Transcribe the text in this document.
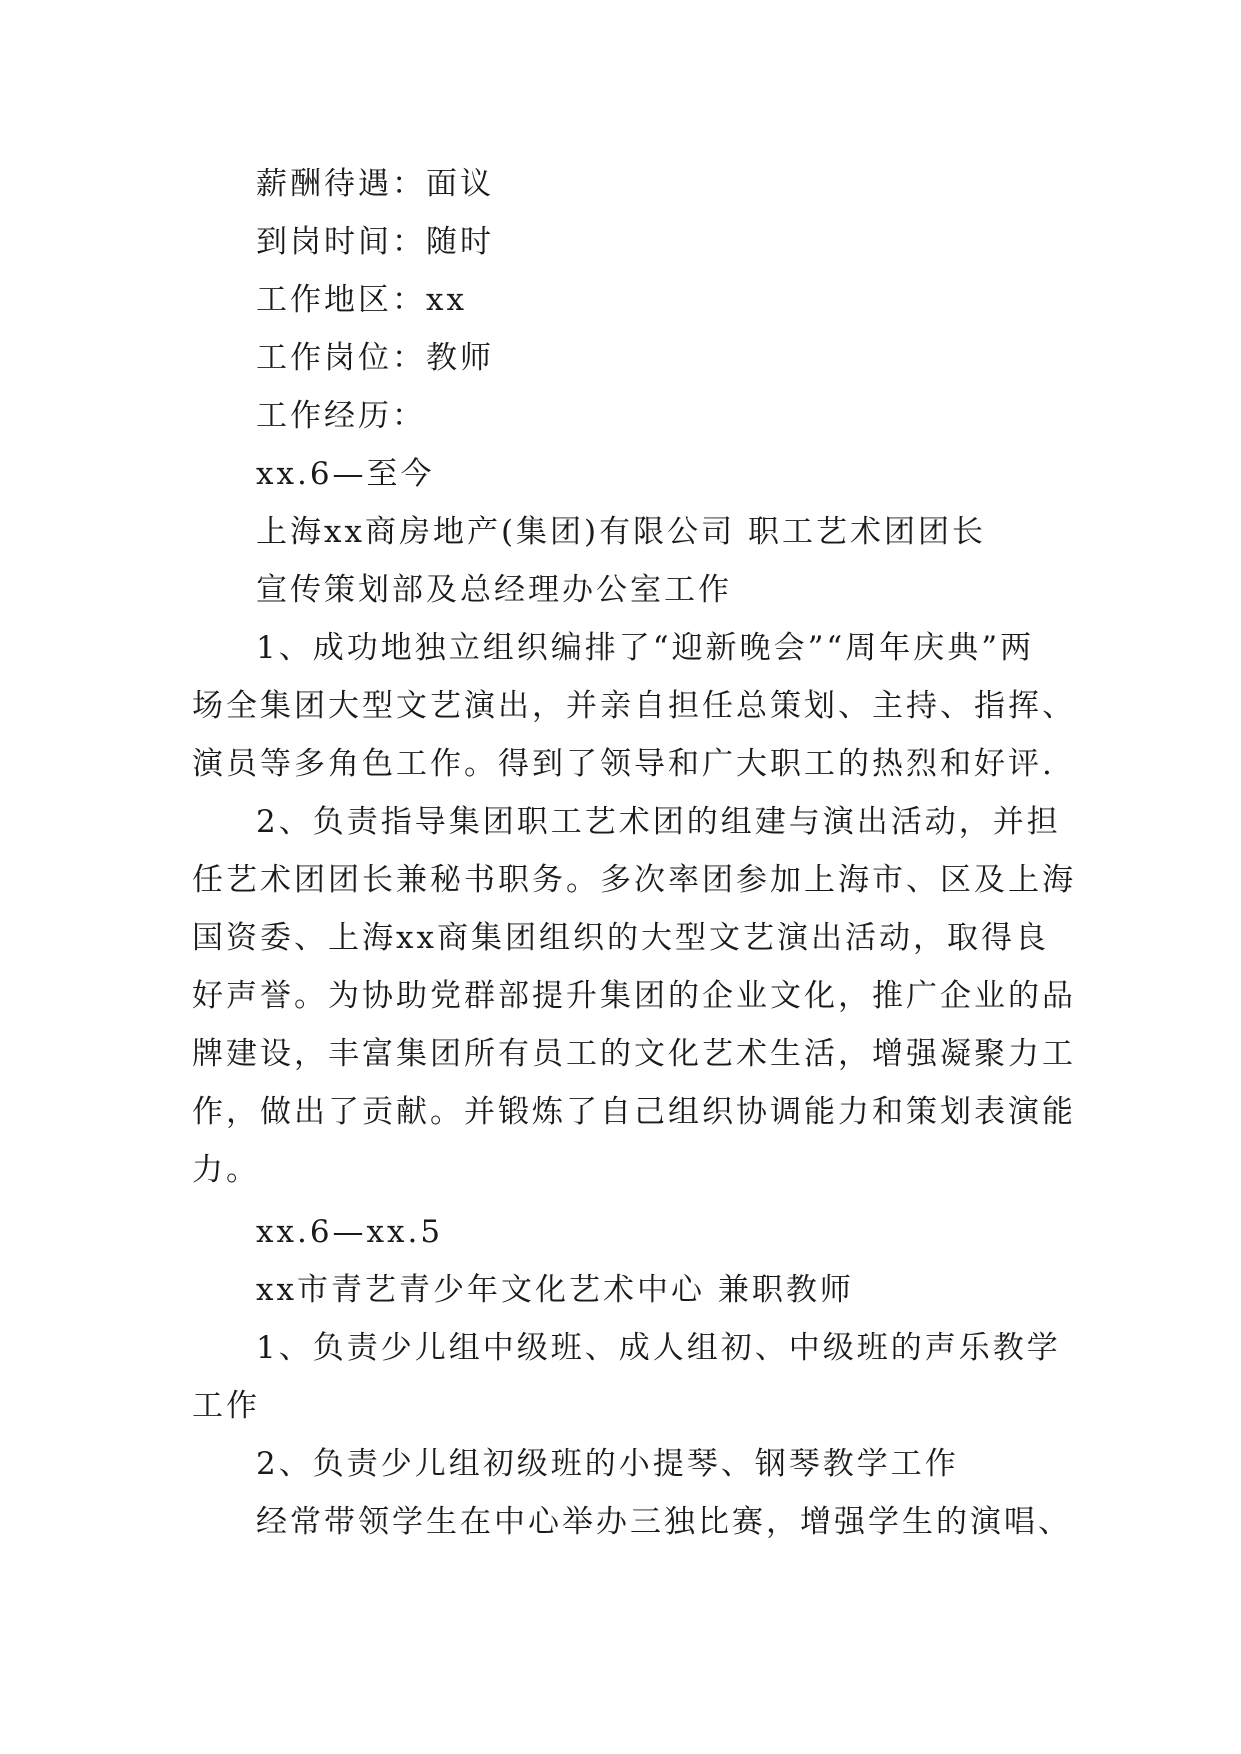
薪酬待遇：面议
到岗时间：随时
工作地区：xx
工作岗位：教师
工作经历：
xx.6—至今
上海xx商房地产(集团)有限公司 职工艺术团团长
宣传策划部及总经理办公室工作
1、成功地独立组织编排了“迎新晚会”“周年庆典”两
场全集团大型文艺演出，并亲自担任总策划、主持、指挥、
演员等多角色工作。得到了领导和广大职工的热烈和好评.
2、负责指导集团职工艺术团的组建与演出活动，并担
任艺术团团长兼秘书职务。多次率团参加上海市、区及上海
国资委、上海xx商集团组织的大型文艺演出活动，取得良
好声誉。为协助党群部提升集团的企业文化，推广企业的品
牌建设，丰富集团所有员工的文化艺术生活，增强凝聚力工
作，做出了贡献。并锻炼了自己组织协调能力和策划表演能
力。
xx.6—xx.5
xx市青艺青少年文化艺术中心 兼职教师
1、负责少儿组中级班、成人组初、中级班的声乐教学
工作
2、负责少儿组初级班的小提琴、钢琴教学工作
经常带领学生在中心举办三独比赛，增强学生的演唱、
